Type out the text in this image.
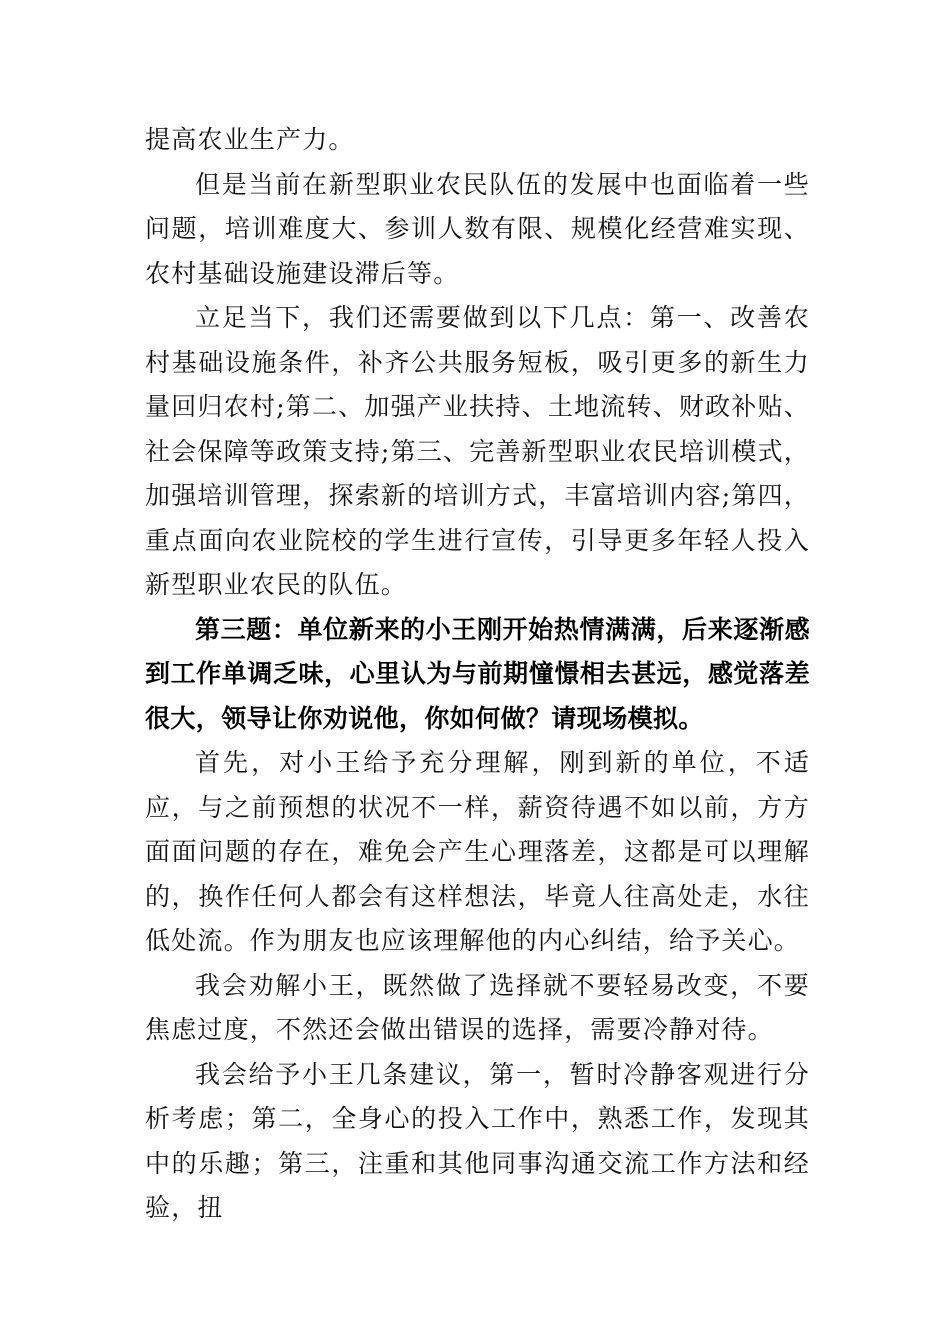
提高农业生产力。

但是当前在新型职业农民队伍的发展中也面临着一些问题，培训难度大、参训人数有限、规模化经营难实现、农村基础设施建设滞后等。

立足当下，我们还需要做到以下几点：第一、改善农村基础设施条件，补齐公共服务短板，吸引更多的新生力量回归农村;第二、加强产业扶持、土地流转、财政补贴、社会保障等政策支持;第三、完善新型职业农民培训模式，加强培训管理，探索新的培训方式，丰富培训内容;第四，重点面向农业院校的学生进行宣传，引导更多年轻人投入新型职业农民的队伍。

第三题：单位新来的小王刚开始热情满满，后来逐渐感到工作单调乏味，心里认为与前期憧憬相去甚远，感觉落差很大，领导让你劝说他，你如何做？请现场模拟。

首先，对小王给予充分理解，刚到新的单位，不适应，与之前预想的状况不一样，薪资待遇不如以前，方方面面问题的存在，难免会产生心理落差，这都是可以理解的，换作任何人都会有这样想法，毕竟人往高处走，水往低处流。作为朋友也应该理解他的内心纠结，给予关心。

我会劝解小王，既然做了选择就不要轻易改变，不要焦虑过度，不然还会做出错误的选择，需要冷静对待。

我会给予小王几条建议，第一，暂时冷静客观进行分析考虑；第二，全身心的投入工作中，熟悉工作，发现其中的乐趣；第三，注重和其他同事沟通交流工作方法和经验，扭
